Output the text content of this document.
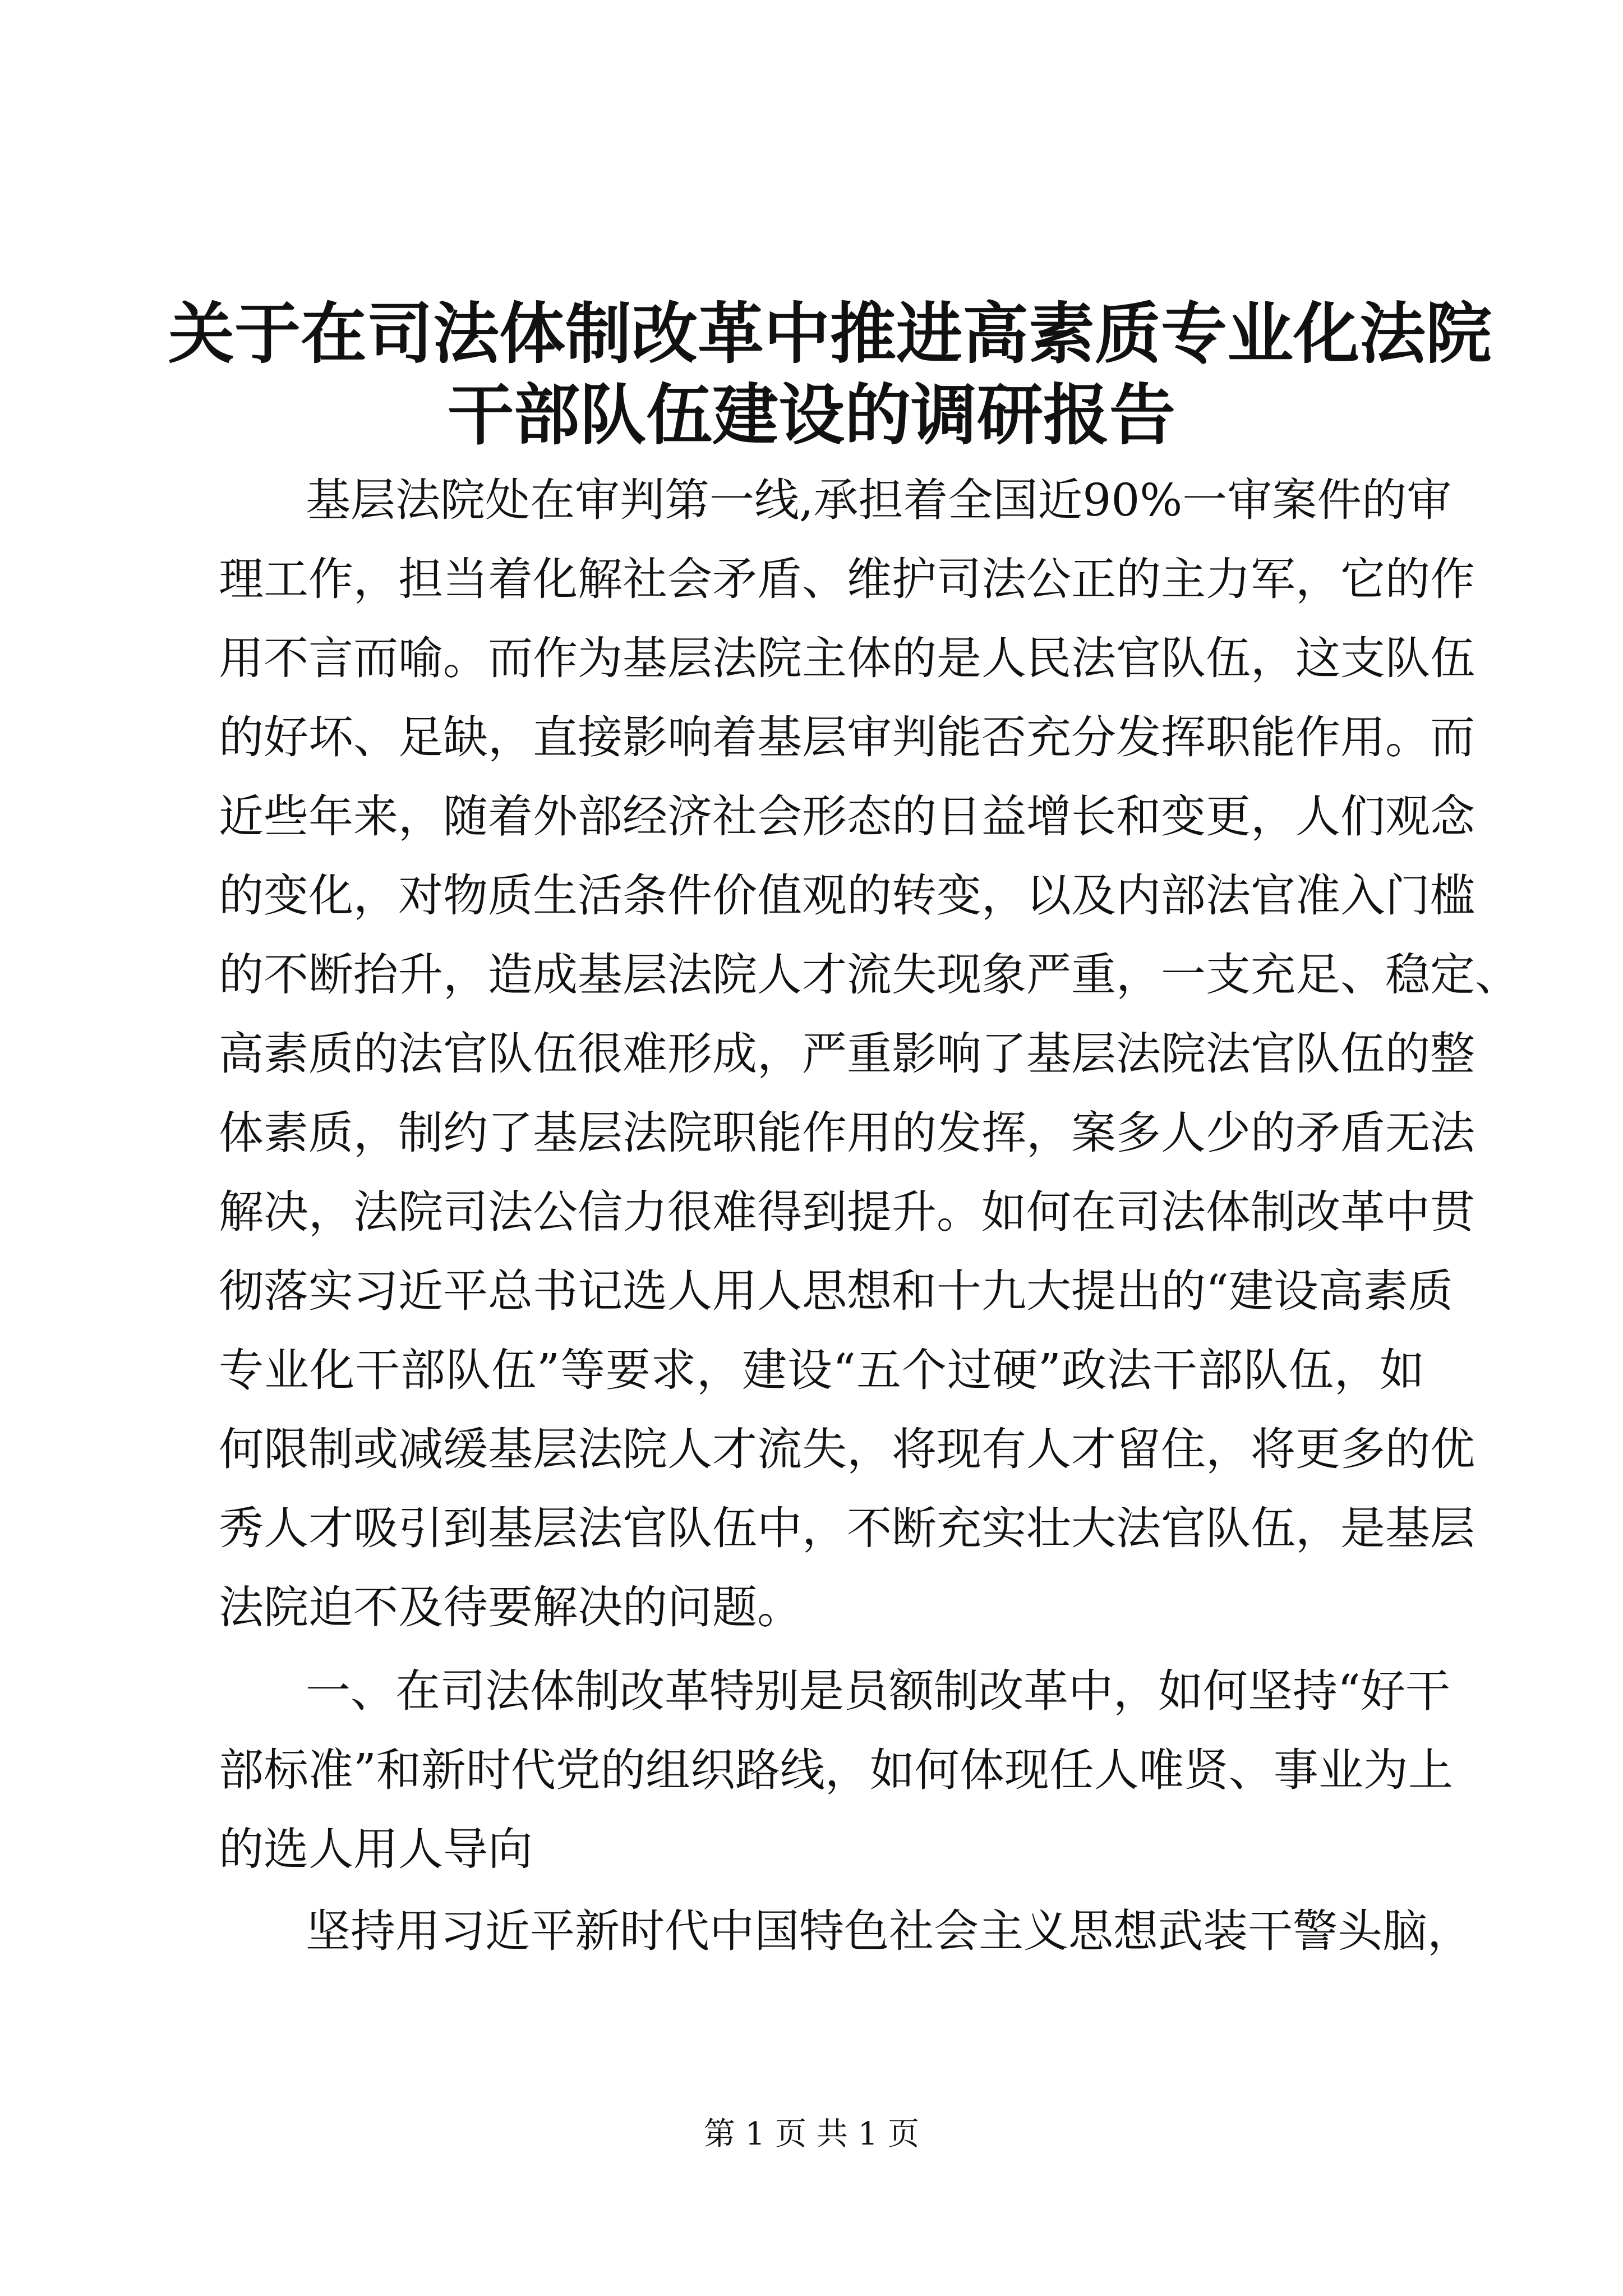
关于在司法体制改革中推进高素质专业化法院
干部队伍建设的调研报告

基层法院处在审判第一线,承担着全国近90%一审案件的审

理工作，担当着化解社会矛盾、维护司法公正的主力军，它的作

用不言而喻。而作为基层法院主体的是人民法官队伍，这支队伍

的好坏、足缺，直接影响着基层审判能否充分发挥职能作用。而

近些年来，随着外部经济社会形态的日益增长和变更，人们观念

的变化，对物质生活条件价值观的转变，以及内部法官准入门槛

的不断抬升，造成基层法院人才流失现象严重，一支充足、稳定、

高素质的法官队伍很难形成，严重影响了基层法院法官队伍的整

体素质，制约了基层法院职能作用的发挥，案多人少的矛盾无法

解决，法院司法公信力很难得到提升。如何在司法体制改革中贯

彻落实习近平总书记选人用人思想和十九大提出的“建设高素质

专业化干部队伍”等要求，建设“五个过硬”政法干部队伍，如

何限制或减缓基层法院人才流失，将现有人才留住，将更多的优

秀人才吸引到基层法官队伍中，不断充实壮大法官队伍，是基层

法院迫不及待要解决的问题。

一、在司法体制改革特别是员额制改革中，如何坚持“好干

部标准”和新时代党的组织路线，如何体现任人唯贤、事业为上

的选人用人导向

坚持用习近平新时代中国特色社会主义思想武装干警头脑，

第 1 页 共 1 页
